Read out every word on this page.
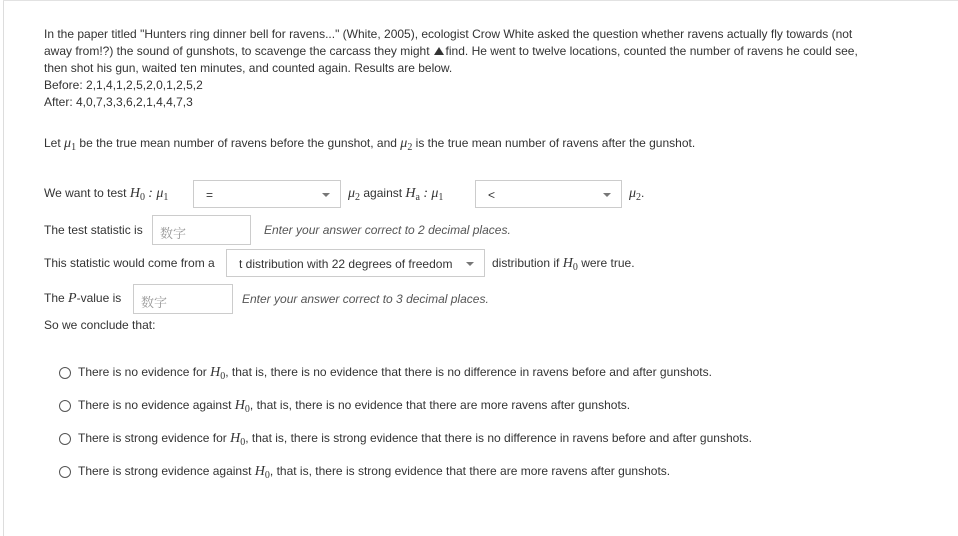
In the paper titled "Hunters ring dinner bell for ravens..." (White, 2005), ecologist Crow White asked the question whether ravens actually fly towards (not
away from!?) the sound of gunshots, to scavenge the carcass they might find. He went to twelve locations, counted the number of ravens he could see,
then shot his gun, waited ten minutes, and counted again. Results are below.
Before: 2,1,4,1,2,5,2,0,1,2,5,2
After: 4,0,7,3,3,6,2,1,4,4,7,3
Let $\mu_1$ be the true mean number of ravens before the gunshot, and $\mu_2$ is the true mean number of ravens after the gunshot.
We want to test $H_0$ : $\mu_1$	=	$\mu_2$ against $H_a$ : $\mu_1$	<	$\mu_2$.
The test statistic is 数字	Enter your answer correct to 2 decimal places.
This statistic would come from a t distribution with 22 degrees of freedom	distribution if $H_0$ were true.
The P-value is 数字	Enter your answer correct to 3 decimal places.
So we conclude that:
There is no evidence for $H_0$, that is, there is no evidence that there is no difference in ravens before and after gunshots.
There is no evidence against $H_0$, that is, there is no evidence that there are more ravens after gunshots.
There is strong evidence for $H_0$, that is, there is strong evidence that there is no difference in ravens before and after gunshots.
There is strong evidence against $H_0$, that is, there is strong evidence that there are more ravens after gunshots.
